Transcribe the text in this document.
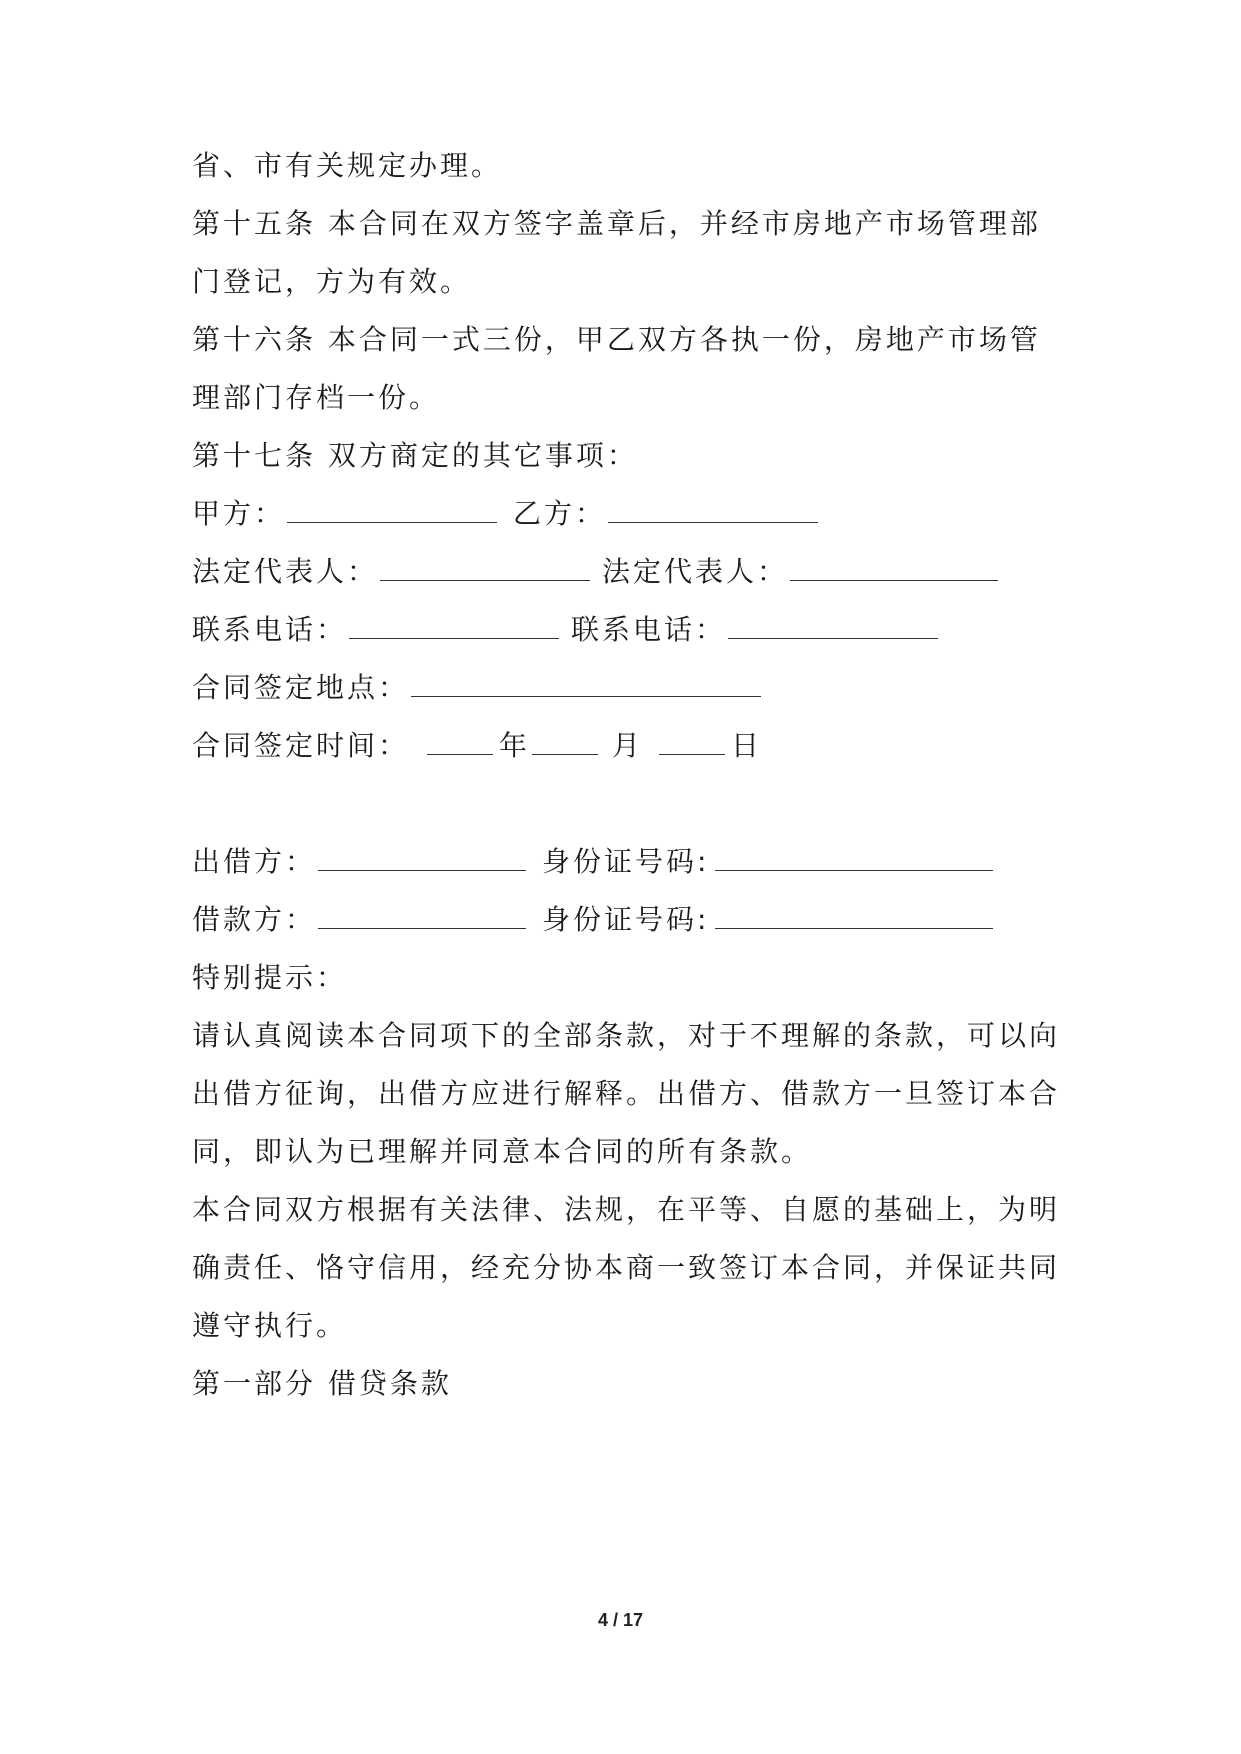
省、市有关规定办理。
第十五条 本合同在双方签字盖章后，并经市房地产市场管理部
门登记，方为有效。
第十六条 本合同一式三份，甲乙双方各执一份，房地产市场管
理部门存档一份。
第十七条 双方商定的其它事项：
甲方：	乙方：
法定代表人：	法定代表人：
联系电话：	联系电话：
合同签定地点：
合同签定时间：	年	月	日
出借方：	身份证号码:
借款方：	身份证号码:
特别提示：
请认真阅读本合同项下的全部条款，对于不理解的条款，可以向
出借方征询，出借方应进行解释。出借方、借款方一旦签订本合
同，即认为已理解并同意本合同的所有条款。
本合同双方根据有关法律、法规，在平等、自愿的基础上，为明
确责任、恪守信用，经充分协本商一致签订本合同，并保证共同
遵守执行。
第一部分 借贷条款
4 / 17
